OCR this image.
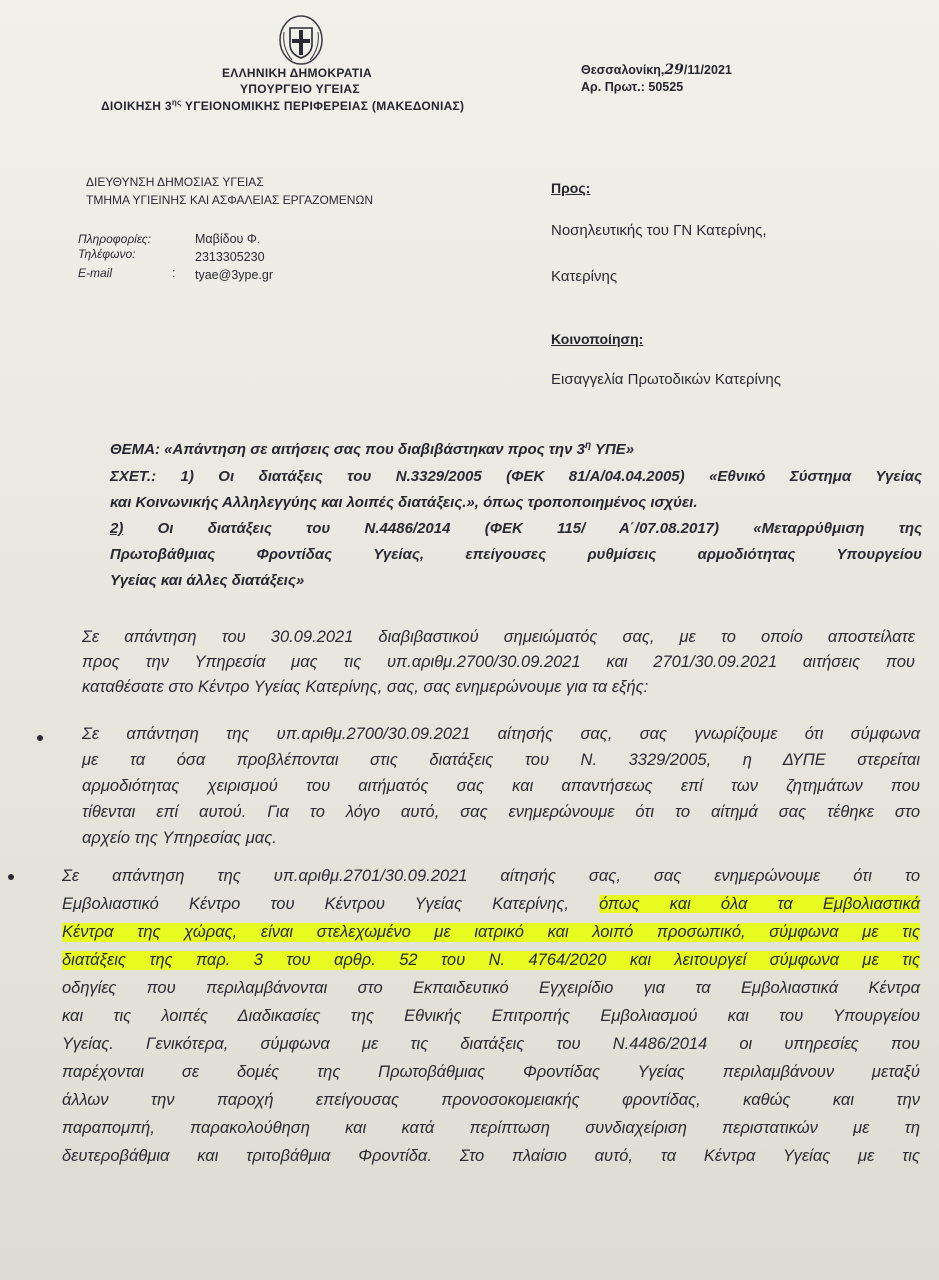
ΕΛΛΗΝΙΚΗ ΔΗΜΟΚΡΑΤΙΑ
ΥΠΟΥΡΓΕΙΟ ΥΓΕΙΑΣ
ΔΙΟΙΚΗΣΗ $3^{\eta\varsigma}$ ΥΓΕΙΟΝΟΜΙΚΗΣ ΠΕΡΙΦΕΡΕΙΑΣ (ΜΑΚΕΔΟΝΙΑΣ)
Θεσσαλονίκη,29/11/2021
Αρ. Πρωτ.: 50525
ΔΙΕΥΘΥΝΣΗ ΔΗΜΟΣΙΑΣ ΥΓΕΙΑΣ
ΤΜΗΜΑ ΥΓΙΕΙΝΗΣ ΚΑΙ ΑΣΦΑΛΕΙΑΣ ΕΡΓΑΖΟΜΕΝΩΝ
Πληροφορίες:	Μαβίδου Φ.
Τηλέφωνο:	2313305230
E-mail	: tyae@3ype.gr
Προς:
Νοσηλευτικής του ΓΝ Κατερίνης,
Κατερίνης
Κοινοποίηση:
Εισαγγελία Πρωτοδικών Κατερίνης
ΘΕΜΑ: «Απάντηση σε αιτήσεις σας που διαβιβάστηκαν προς την $3^\eta$ ΥΠΕ»
ΣΧΕΤ.: 1) Οι διατάξεις του Ν.3329/2005 (ΦΕΚ 81/Α/04.04.2005) «Εθνικό Σύστημα Υγείας
και Κοινωνικής Αλληλεγγύης και λοιπές διατάξεις.», όπως τροποποιημένος ισχύει.
2) Οι διατάξεις του Ν.4486/2014 (ΦΕΚ 115/ Α΄/07.08.2017) «Μεταρρύθμιση της
Πρωτοβάθμιας Φροντίδας Υγείας, επείγουσες ρυθμίσεις αρμοδιότητας Υπουργείου
Υγείας και άλλες διατάξεις»
Σε απάντηση του 30.09.2021 διαβιβαστικού σημειώματός σας, με το οποίο αποστείλατε
προς την Υπηρεσία μας τις υπ.αριθμ.2700/30.09.2021 και 2701/30.09.2021 αιτήσεις που
καταθέσατε στο Κέντρο Υγείας Κατερίνης, σας, σας ενημερώνουμε για τα εξής:
Σε απάντηση της υπ.αριθμ.2700/30.09.2021 αίτησής σας, σας γνωρίζουμε ότι σύμφωνα
με τα όσα προβλέπονται στις διατάξεις του Ν. 3329/2005, η ΔΥΠΕ στερείται
αρμοδιότητας χειρισμού του αιτήματός σας και απαντήσεως επί των ζητημάτων που
τίθενται επί αυτού. Για το λόγο αυτό, σας ενημερώνουμε ότι το αίτημά σας τέθηκε στο
αρχείο της Υπηρεσίας μας.
Σε απάντηση της υπ.αριθμ.2701/30.09.2021 αίτησής σας, σας ενημερώνουμε ότι το
Εμβολιαστικό Κέντρο του Κέντρου Υγείας Κατερίνης, όπως και όλα τα Εμβολιαστικά
Κέντρα της χώρας, είναι στελεχωμένο με ιατρικό και λοιπό προσωπικό, σύμφωνα με τις
διατάξεις της παρ. 3 του αρθρ. 52 του Ν. 4764/2020 και λειτουργεί σύμφωνα με τις
οδηγίες που περιλαμβάνονται στο Εκπαιδευτικό Εγχειρίδιο για τα Εμβολιαστικά Κέντρα
και τις λοιπές Διαδικασίες της Εθνικής Επιτροπής Εμβολιασμού και του Υπουργείου
Υγείας. Γενικότερα, σύμφωνα με τις διατάξεις του Ν.4486/2014 οι υπηρεσίες που
παρέχονται σε δομές της Πρωτοβάθμιας Φροντίδας Υγείας περιλαμβάνουν μεταξύ
άλλων την παροχή επείγουσας προνοσοκομειακής φροντίδας, καθώς και την
παραπομπή, παρακολούθηση και κατά περίπτωση συνδιαχείριση περιστατικών με τη
δευτεροβάθμια και τριτοβάθμια Φροντίδα. Στο πλαίσιο αυτό, τα Κέντρα Υγείας με τις
